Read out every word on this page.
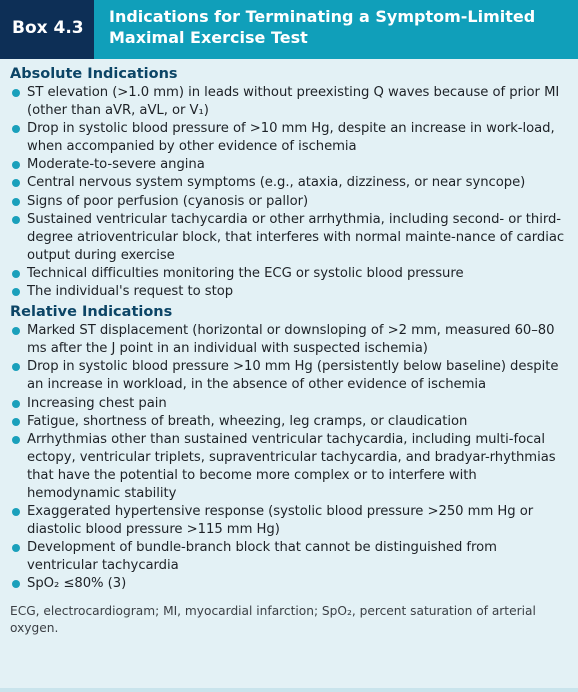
Box 4.3
Indications for Terminating a Symptom-Limited Maximal Exercise Test
Absolute Indications
ST elevation (>1.0 mm) in leads without preexisting Q waves because of prior MI (other than aVR, aVL, or V₁)
Drop in systolic blood pressure of >10 mm Hg, despite an increase in work-load, when accompanied by other evidence of ischemia
Moderate-to-severe angina
Central nervous system symptoms (e.g., ataxia, dizziness, or near syncope)
Signs of poor perfusion (cyanosis or pallor)
Sustained ventricular tachycardia or other arrhythmia, including second- or third-degree atrioventricular block, that interferes with normal mainte-nance of cardiac output during exercise
Technical difficulties monitoring the ECG or systolic blood pressure
The individual's request to stop
Relative Indications
Marked ST displacement (horizontal or downsloping of >2 mm, measured 60–80 ms after the J point in an individual with suspected ischemia)
Drop in systolic blood pressure >10 mm Hg (persistently below baseline) despite an increase in workload, in the absence of other evidence of ischemia
Increasing chest pain
Fatigue, shortness of breath, wheezing, leg cramps, or claudication
Arrhythmias other than sustained ventricular tachycardia, including multi-focal ectopy, ventricular triplets, supraventricular tachycardia, and bradyar-rhythmias that have the potential to become more complex or to interfere with hemodynamic stability
Exaggerated hypertensive response (systolic blood pressure >250 mm Hg or diastolic blood pressure >115 mm Hg)
Development of bundle-branch block that cannot be distinguished from ventricular tachycardia
SpO₂ ≤80% (3)
ECG, electrocardiogram; MI, myocardial infarction; SpO₂, percent saturation of arterial oxygen.
